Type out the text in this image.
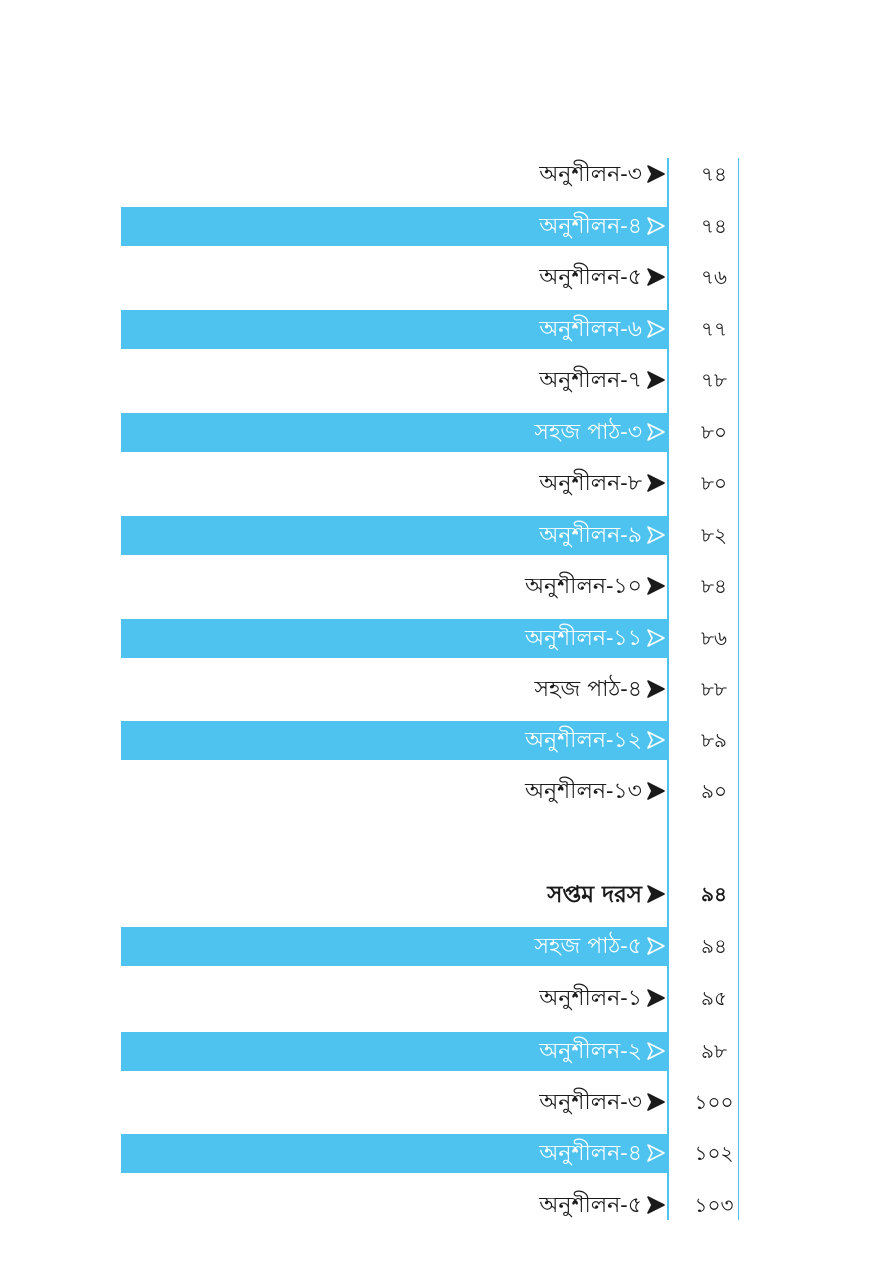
অনুশীলন-৩	৭৪
অনুশীলন-৪	৭৪
অনুশীলন-৫	৭৬
অনুশীলন-৬	৭৭
অনুশীলন-৭	৭৮
সহজ পাঠ-৩	৮০
অনুশীলন-৮	৮০
অনুশীলন-৯	৮২
অনুশীলন-১০	৮৪
অনুশীলন-১১	৮৬
সহজ পাঠ-৪	৮৮
অনুশীলন-১২	৮৯
অনুশীলন-১৩	৯০
সপ্তম দরস	৯৪
সহজ পাঠ-৫	৯৪
অনুশীলন-১	৯৫
অনুশীলন-২	৯৮
অনুশীলন-৩	১০০
অনুশীলন-৪	১০২
অনুশীলন-৫	১০৩
